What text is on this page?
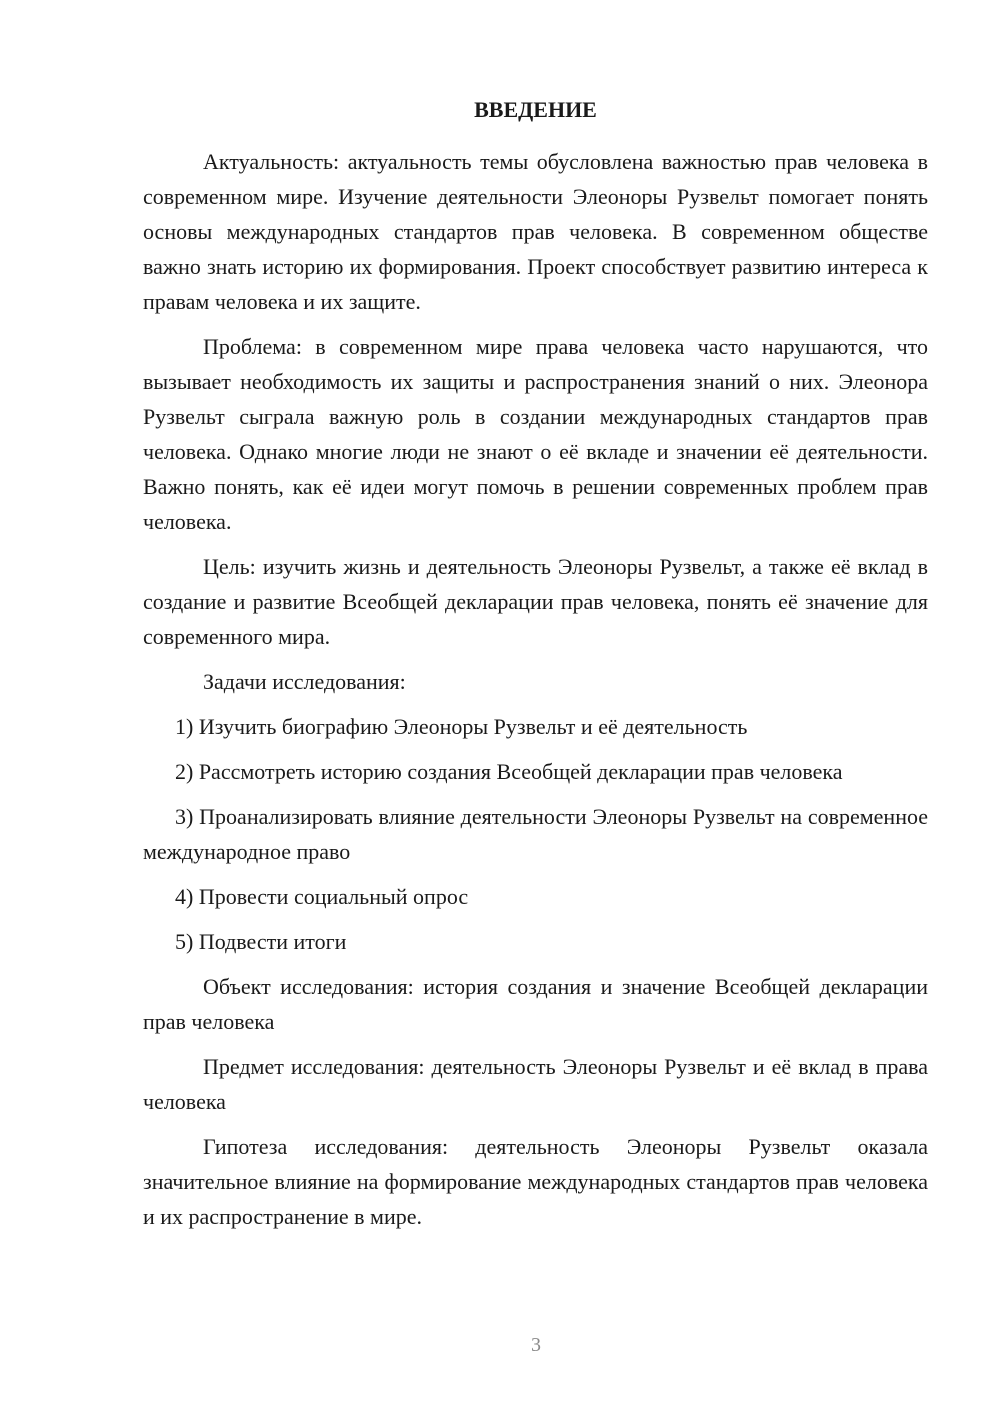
ВВЕДЕНИЕ

Актуальность: актуальность темы обусловлена важностью прав человека в современном мире. Изучение деятельности Элеоноры Рузвельт помогает понять основы международных стандартов прав человека. В современном обществе важно знать историю их формирования. Проект способствует развитию интереса к правам человека и их защите.

Проблема: в современном мире права человека часто нарушаются, что вызывает необходимость их защиты и распространения знаний о них. Элеонора Рузвельт сыграла важную роль в создании международных стандартов прав человека. Однако многие люди не знают о её вкладе и значении её деятельности. Важно понять, как её идеи могут помочь в решении современных проблем прав человека.

Цель: изучить жизнь и деятельность Элеоноры Рузвельт, а также её вклад в создание и развитие Всеобщей декларации прав человека, понять её значение для современного мира.

Задачи исследования:

1) Изучить биографию Элеоноры Рузвельт и её деятельность

2) Рассмотреть историю создания Всеобщей декларации прав человека

3) Проанализировать влияние деятельности Элеоноры Рузвельт на современное международное право

4) Провести социальный опрос

5) Подвести итоги

Объект исследования: история создания и значение Всеобщей декларации прав человека

Предмет исследования: деятельность Элеоноры Рузвельт и её вклад в права человека

Гипотеза исследования: деятельность Элеоноры Рузвельт оказала значительное влияние на формирование международных стандартов прав человека и их распространение в мире.

3
